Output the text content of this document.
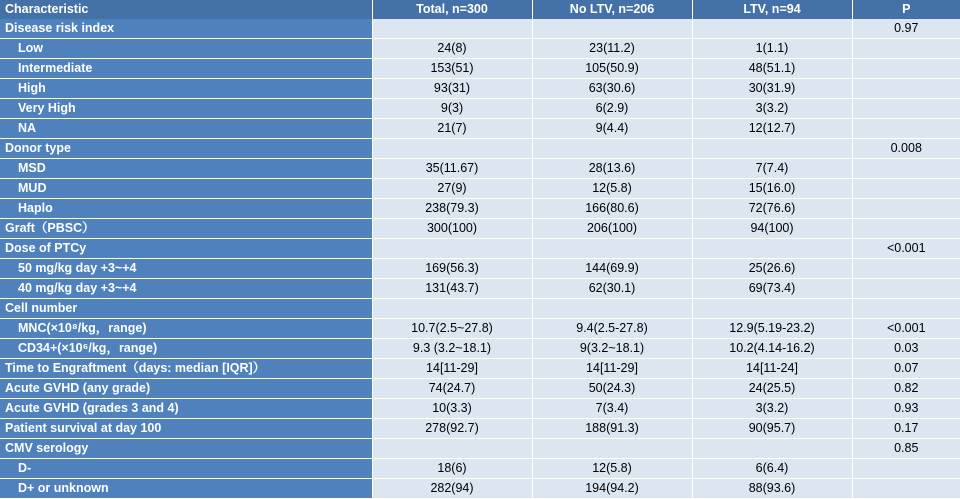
Characteristic	Total, n=300	No LTV, n=206	LTV, n=94	P
Disease risk index				0.97
Low	24(8)	23(11.2)	1(1.1)	
Intermediate	153(51)	105(50.9)	48(51.1)	
High	93(31)	63(30.6)	30(31.9)	
Very High	9(3)	6(2.9)	3(3.2)	
NA	21(7)	9(4.4)	12(12.7)	
Donor type				0.008
MSD	35(11.67)	28(13.6)	7(7.4)	
MUD	27(9)	12(5.8)	15(16.0)	
Haplo	238(79.3)	166(80.6)	72(76.6)	
Graft（PBSC）	300(100)	206(100)	94(100)	
Dose of PTCy				<0.001
50 mg/kg day +3~+4	169(56.3)	144(69.9)	25(26.6)	
40 mg/kg day +3~+4	131(43.7)	62(30.1)	69(73.4)	
Cell number				
MNC(×10⁸/kg，range)	10.7(2.5~27.8)	9.4(2.5-27.8)	12.9(5.19-23.2)	<0.001
CD34+(×10⁶/kg，range)	9.3 (3.2~18.1)	9(3.2~18.1)	10.2(4.14-16.2)	0.03
Time to Engraftment（days: median [IQR]）	14[11-29]	14[11-29]	14[11-24]	0.07
Acute GVHD (any grade)	74(24.7)	50(24.3)	24(25.5)	0.82
Acute GVHD (grades 3 and 4)	10(3.3)	7(3.4)	3(3.2)	0.93
Patient survival at day 100	278(92.7)	188(91.3)	90(95.7)	0.17
CMV serology				0.85
D-	18(6)	12(5.8)	6(6.4)	
D+ or unknown	282(94)	194(94.2)	88(93.6)	
